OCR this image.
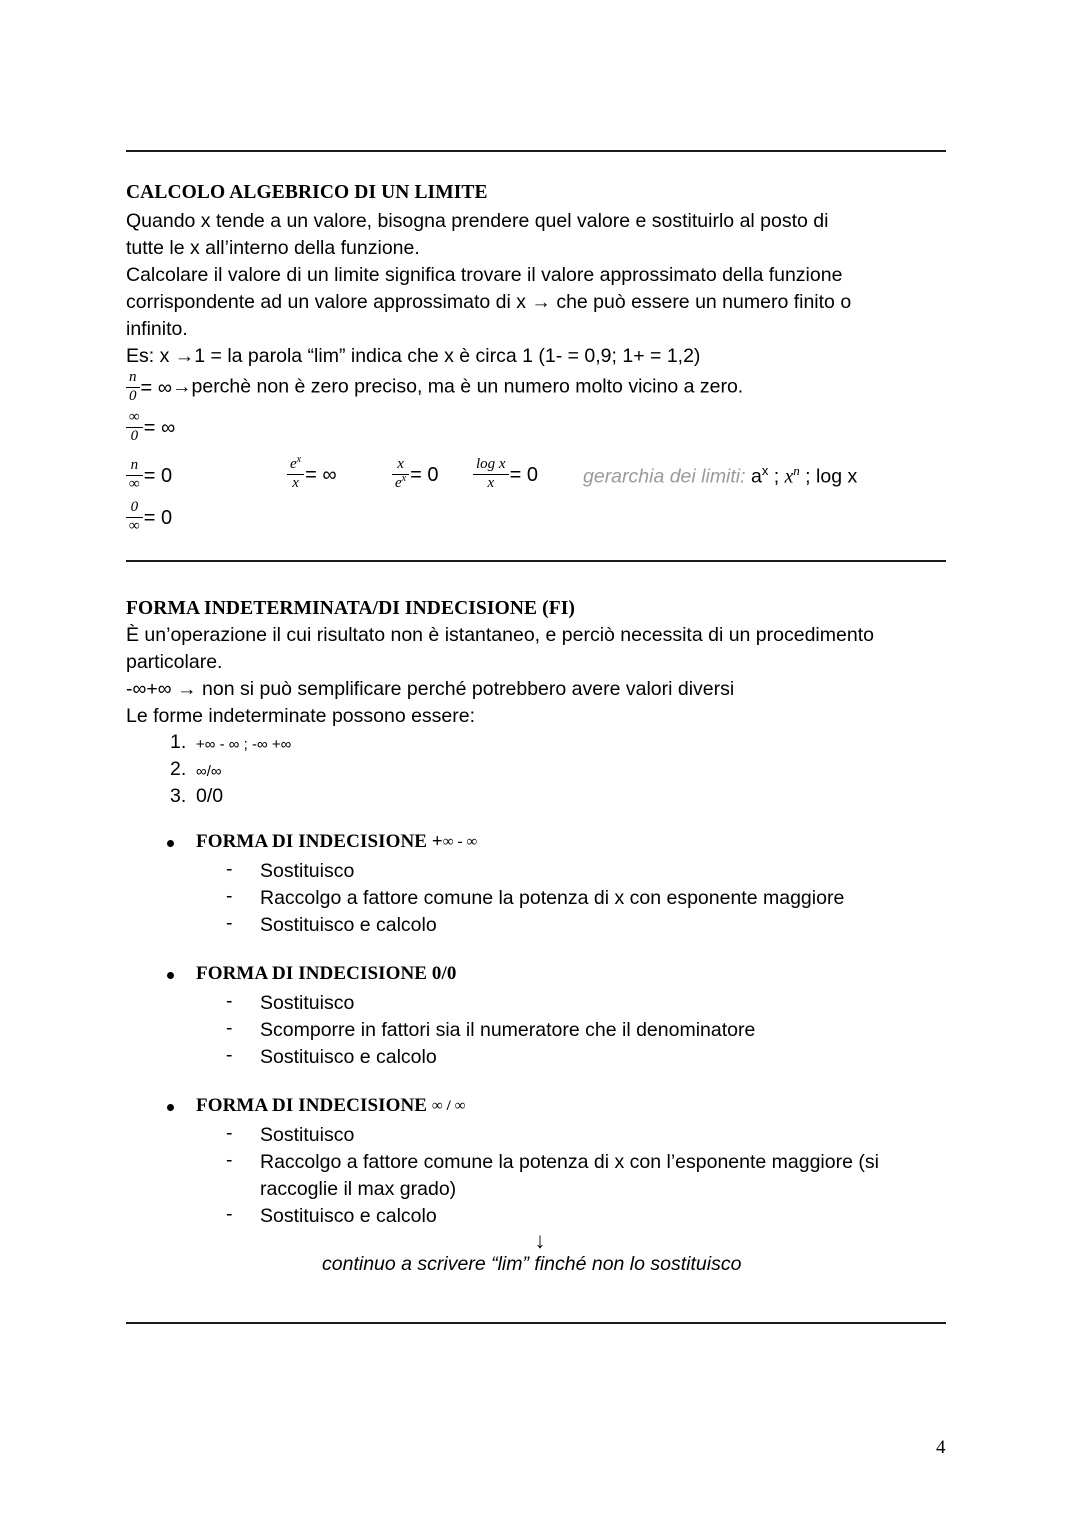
CALCOLO ALGEBRICO DI UN LIMITE
Quando x tende a un valore, bisogna prendere quel valore e sostituirlo al posto di
tutte le x all’interno della funzione.
Calcolare il valore di un limite significa trovare il valore approssimato della funzione
corrispondente ad un valore approssimato di x → che può essere un numero finito o
infinito.
Es: x →1 = la parola “lim” indica che x è circa 1 (1- = 0,9; 1+ = 1,2)
$\frac{n}{0}$ = ∞→perchè non è zero preciso, ma è un numero molto vicino a zero.
$\frac{\infty}{0}$ = ∞
$\frac{n}{\infty} = 0$
$\frac{0}{\infty} = 0$
$\frac{e^x}{x}$ = ∞	$\frac{x}{e^x} = 0 \frac{\text{log x}}{x} = 0$ gerarchia dei limiti: $a^x$ ; $x^n$ ; log x
FORMA INDETERMINATA/DI INDECISIONE (FI)
È un’operazione il cui risultato non è istantaneo, e perciò necessita di un procedimento
particolare.
-∞+∞ → non si può semplificare perché potrebbero avere valori diversi
Le forme indeterminate possono essere:
1. +∞ - ∞ ; -∞ +∞
2. ∞/∞
3. 0/0
FORMA DI INDECISIONE +∞ - ∞
- Sostituisco
- Raccolgo a fattore comune la potenza di x con esponente maggiore
- Sostituisco e calcolo
FORMA DI INDECISIONE 0/0
- Sostituisco
- Scomporre in fattori sia il numeratore che il denominatore
- Sostituisco e calcolo
FORMA DI INDECISIONE ∞ / ∞
- Sostituisco
- Raccolgo a fattore comune la potenza di x con l’esponente maggiore (si
raccoglie il max grado)
- Sostituisco e calcolo
↓
continuo a scrivere “lim” finché non lo sostituisco
4
